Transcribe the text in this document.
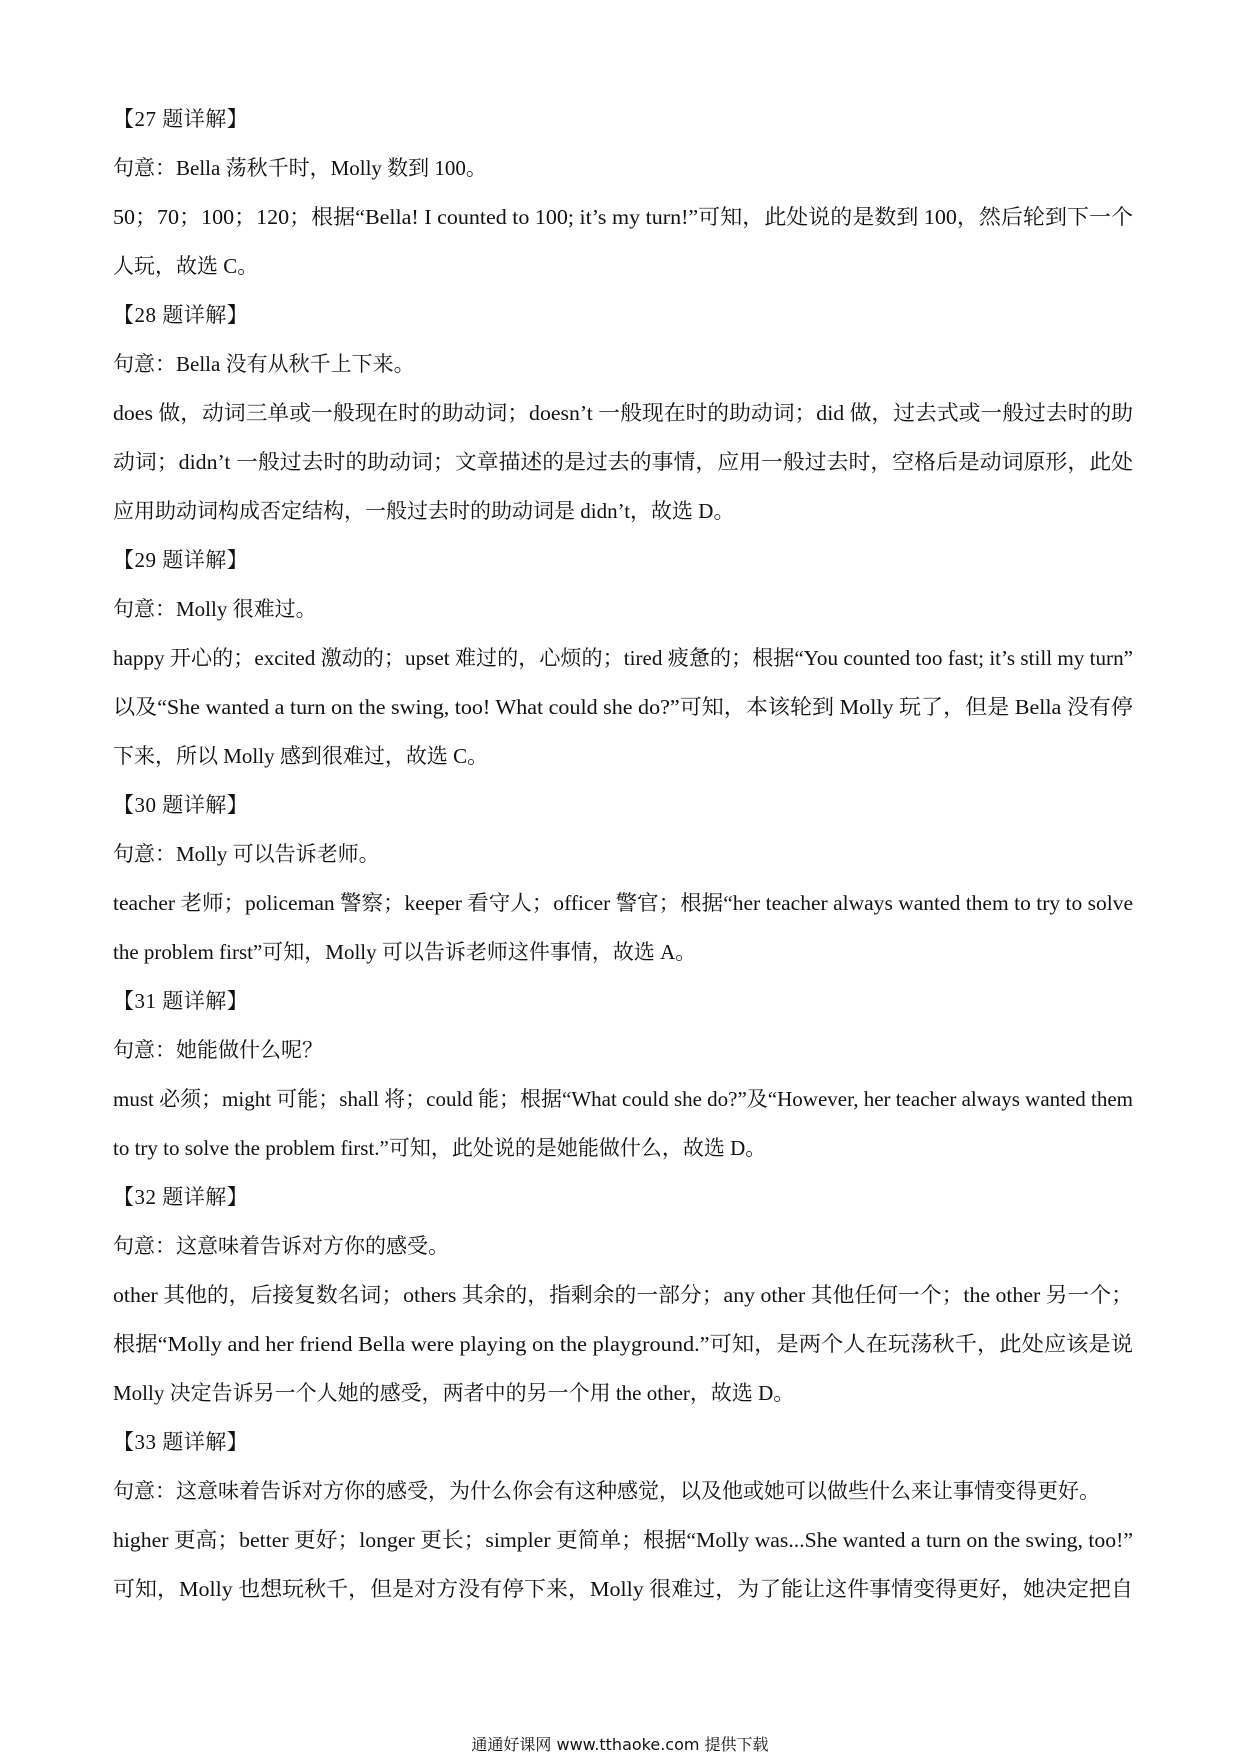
【27 题详解】
句意：Bella 荡秋千时，Molly 数到 100。
50；70；100；120；根据“Bella! I counted to 100; it’s my turn!”可知，此处说的是数到 100，然后轮到下一个
人玩，故选 C。
【28 题详解】
句意：Bella 没有从秋千上下来。
does 做，动词三单或一般现在时的助动词；doesn’t 一般现在时的助动词；did 做，过去式或一般过去时的助
动词；didn’t 一般过去时的助动词；文章描述的是过去的事情，应用一般过去时，空格后是动词原形，此处
应用助动词构成否定结构，一般过去时的助动词是 didn’t，故选 D。
【29 题详解】
句意：Molly 很难过。
happy 开心的；excited 激动的；upset 难过的，心烦的；tired 疲惫的；根据“You counted too fast; it’s still my turn”
以及“She wanted a turn on the swing, too! What could she do?”可知，本该轮到 Molly 玩了，但是 Bella 没有停
下来，所以 Molly 感到很难过，故选 C。
【30 题详解】
句意：Molly 可以告诉老师。
teacher 老师；policeman 警察；keeper 看守人；officer 警官；根据“her teacher always wanted them to try to solve
the problem first”可知，Molly 可以告诉老师这件事情，故选 A。
【31 题详解】
句意：她能做什么呢？
must 必须；might 可能；shall 将；could 能；根据“What could she do?”及“However, her teacher always wanted them
to try to solve the problem first.”可知，此处说的是她能做什么，故选 D。
【32 题详解】
句意：这意味着告诉对方你的感受。
other 其他的，后接复数名词；others 其余的，指剩余的一部分；any other 其他任何一个；the other 另一个；
根据“Molly and her friend Bella were playing on the playground.”可知，是两个人在玩荡秋千，此处应该是说
Molly 决定告诉另一个人她的感受，两者中的另一个用 the other，故选 D。
【33 题详解】
句意：这意味着告诉对方你的感受，为什么你会有这种感觉，以及他或她可以做些什么来让事情变得更好。
higher 更高；better 更好；longer 更长；simpler 更简单；根据“Molly was...She wanted a turn on the swing, too!”
可知，Molly 也想玩秋千，但是对方没有停下来，Molly 很难过，为了能让这件事情变得更好，她决定把自
通通好课网 www.tthaoke.com 提供下载
